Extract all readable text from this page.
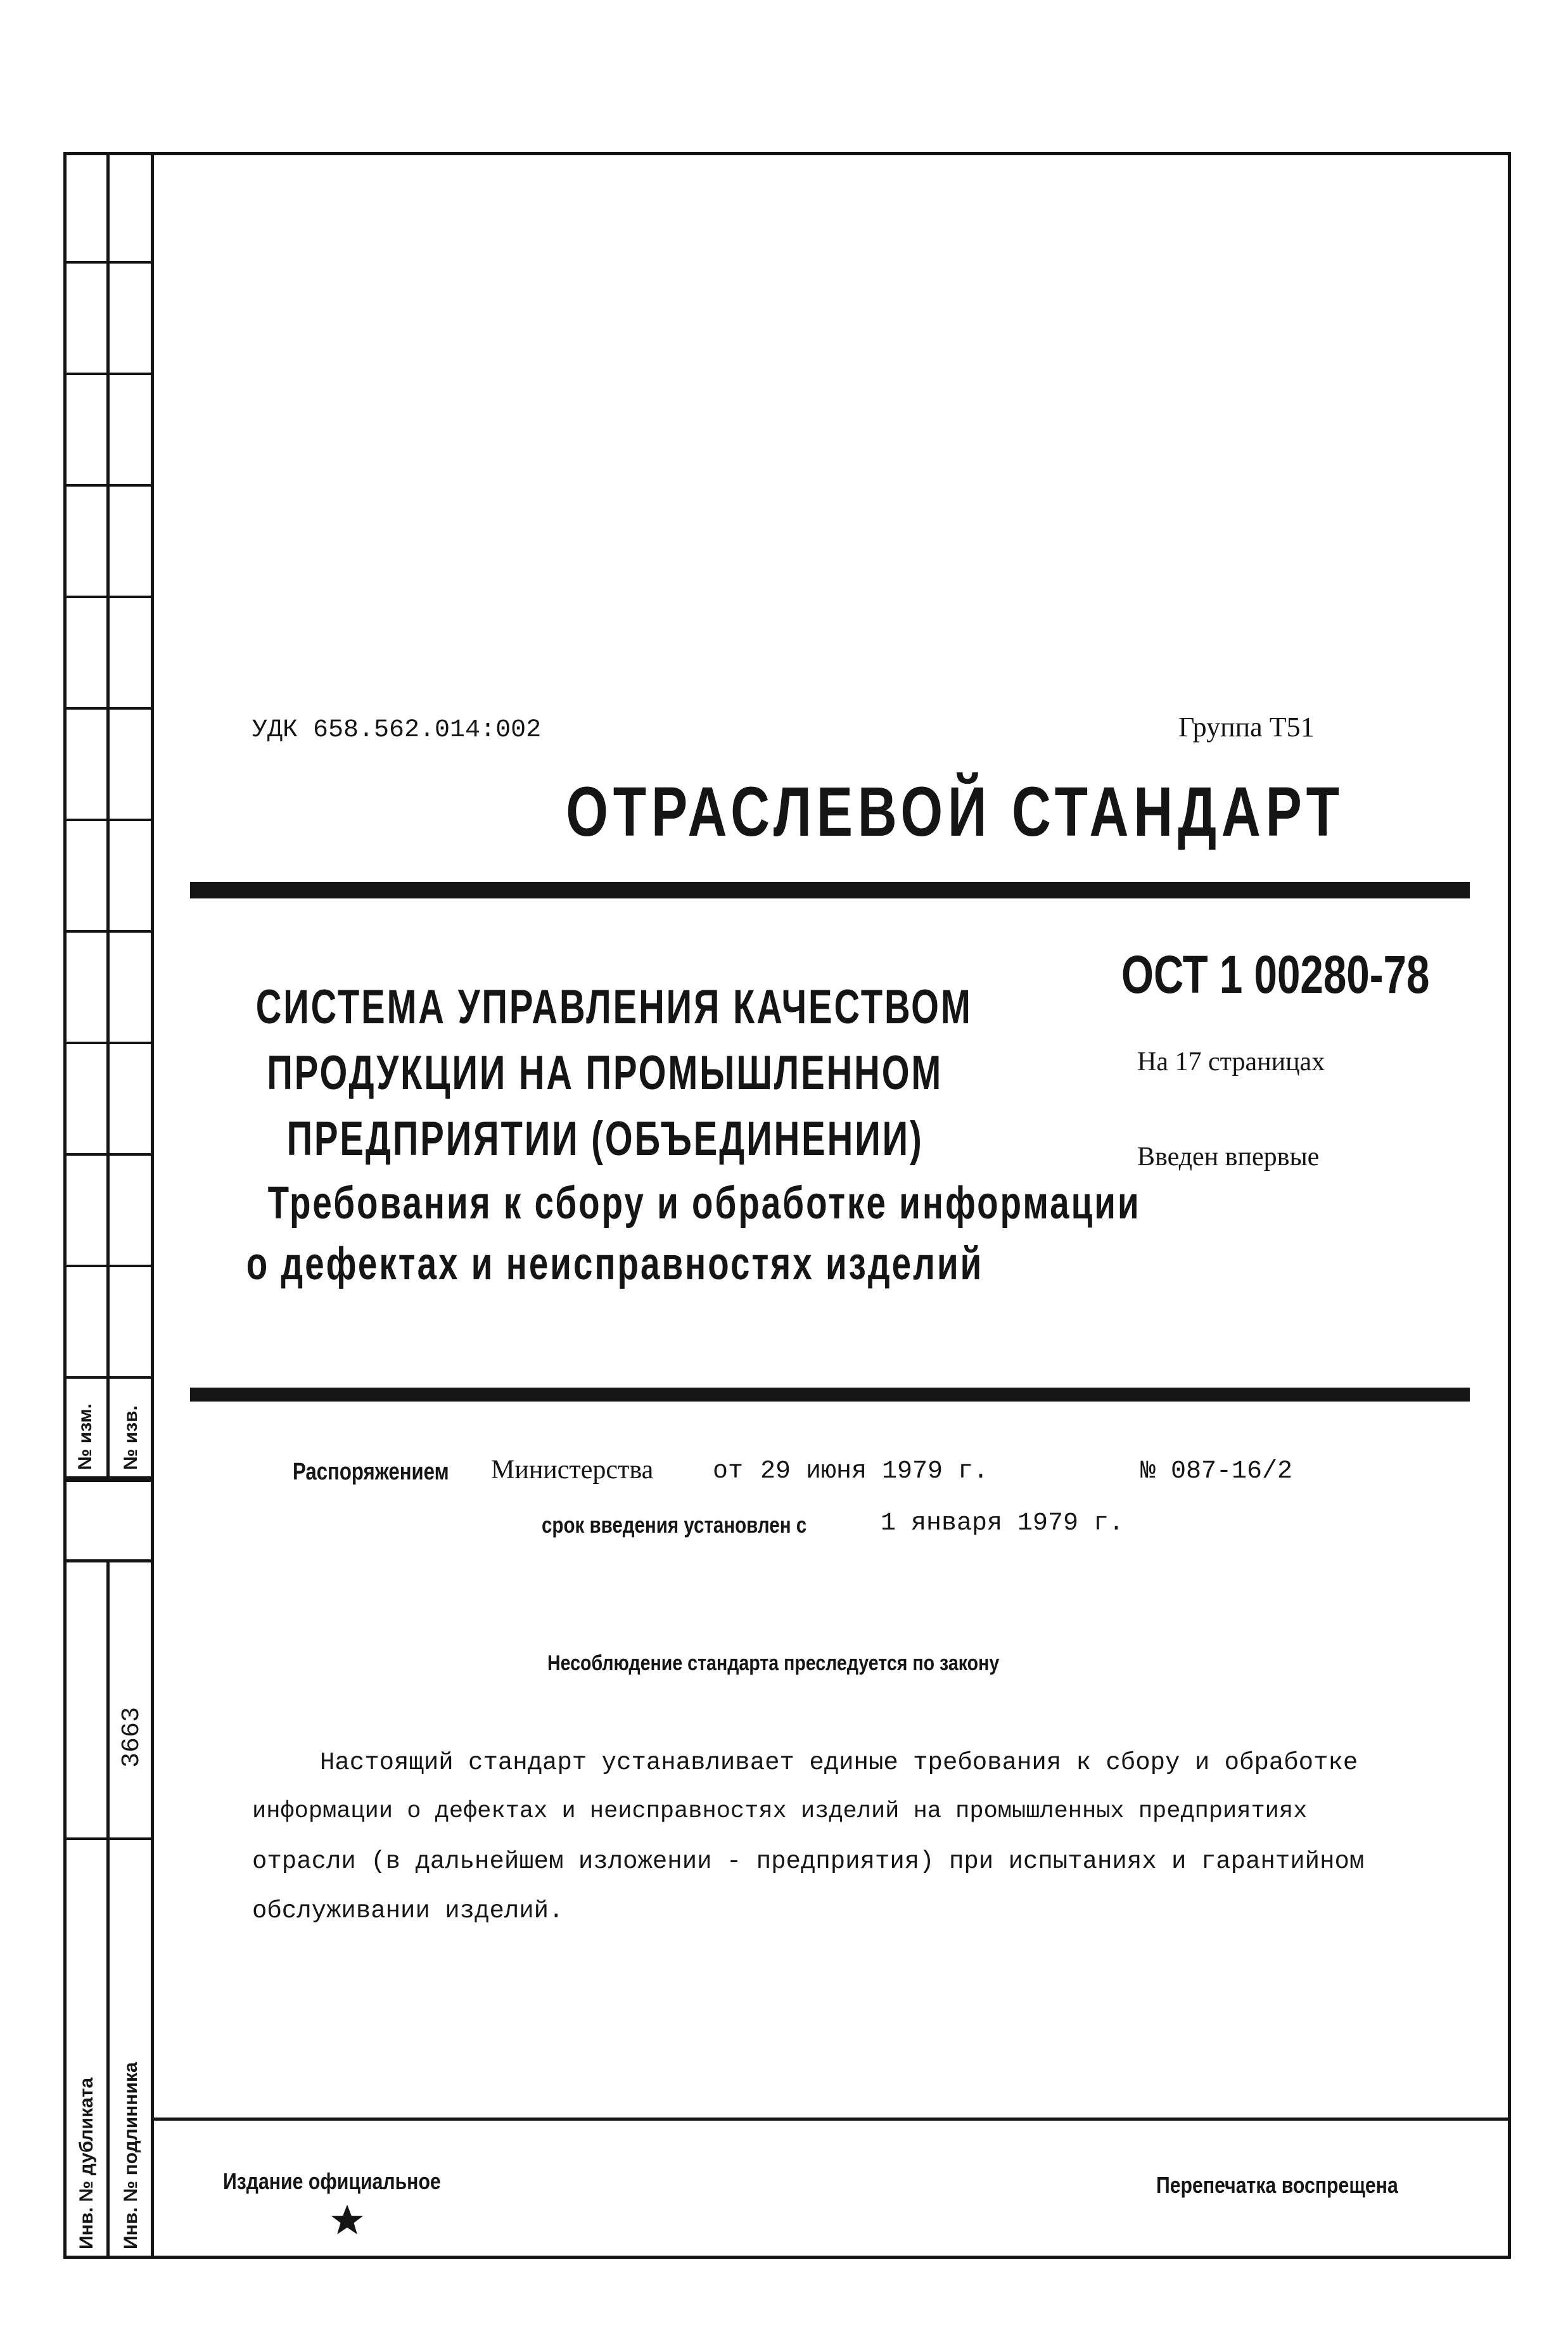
№ изм. № изв.
3663
Инв. № дубликата Инв. № подлинника
УДК 658.562.014:002	Группа Т51
ОТРАСЛЕВОЙ СТАНДАРТ
СИСТЕМА УПРАВЛЕНИЯ КАЧЕСТВОМ
ПРОДУКЦИИ НА ПРОМЫШЛЕННОМ
ПРЕДПРИЯТИИ (ОБЪЕДИНЕНИИ)
Требования к сбору и обработке информации
о дефектах и неисправностях изделий
ОСТ 1 00280-78
На 17 страницах
Введен впервые
Распоряжением	Министерства от 29 июня 1979 г.	№ 087-16/2
срок введения установлен с	1 января 1979 г.
Несоблюдение стандарта преследуется по закону
Настоящий стандарт устанавливает единые требования к сбору и обработке
информации о дефектах и неисправностях изделий на промышленных предприятиях
отрасли (в дальнейшем изложении - предприятия) при испытаниях и гарантийном
обслуживании изделий.
Издание официальное	Перепечатка воспрещена
